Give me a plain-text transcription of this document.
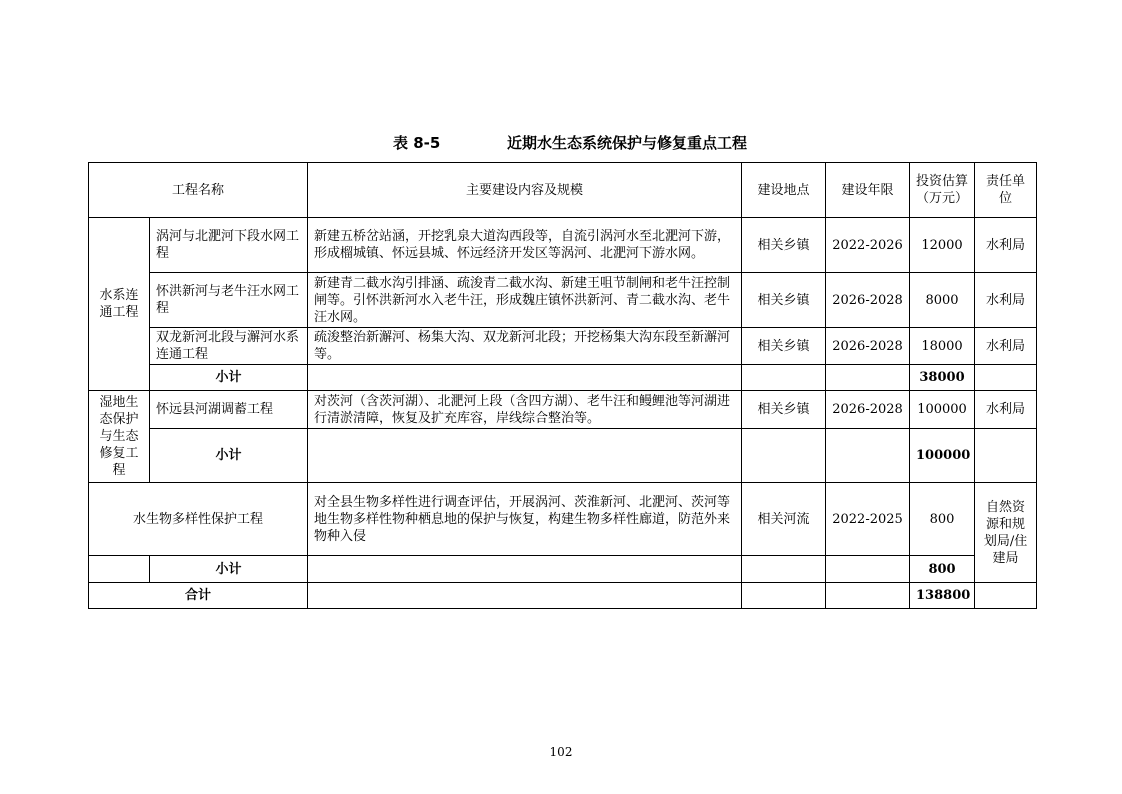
表 8-5	近期水生态系统保护与修复重点工程
工程名称		主要建设内容及规模	建设地点	建设年限	投资估算（万元）	责任单位
水系连通工程	涡河与北淝河下段水网工程	新建五桥岔站涵，开挖乳泉大道沟西段等，自流引涡河水至北淝河下游，形成榴城镇、怀远县城、怀远经济开发区等涡河、北淝河下游水网。	相关乡镇	2022-2026	12000	水利局
	怀洪新河与老牛汪水网工程	新建青二截水沟引排涵、疏浚青二截水沟、新建王咀节制闸和老牛汪控制闸等。引怀洪新河水入老牛汪，形成魏庄镇怀洪新河、青二截水沟、老牛汪水网。	相关乡镇	2026-2028	8000	水利局
	双龙新河北段与澥河水系连通工程	疏浚整治新澥河、杨集大沟、双龙新河北段；开挖杨集大沟东段至新澥河等。	相关乡镇	2026-2028	18000	水利局
	小计				38000	
湿地生态保护与生态修复工程	怀远县河湖调蓄工程	对茨河（含茨河湖）、北淝河上段（含四方湖）、老牛汪和鳗鲤池等河湖进行清淤清障，恢复及扩充库容，岸线综合整治等。	相关乡镇	2026-2028	100000	水利局
	小计				100000	
水生物多样性保护工程		对全县生物多样性进行调查评估，开展涡河、茨淮新河、北淝河、茨河等地生物多样性物种栖息地的保护与恢复，构建生物多样性廊道，防范外来物种入侵	相关河流	2022-2025	800	自然资源和规划局/住建局
	小计				800	
合计					138800	
102
